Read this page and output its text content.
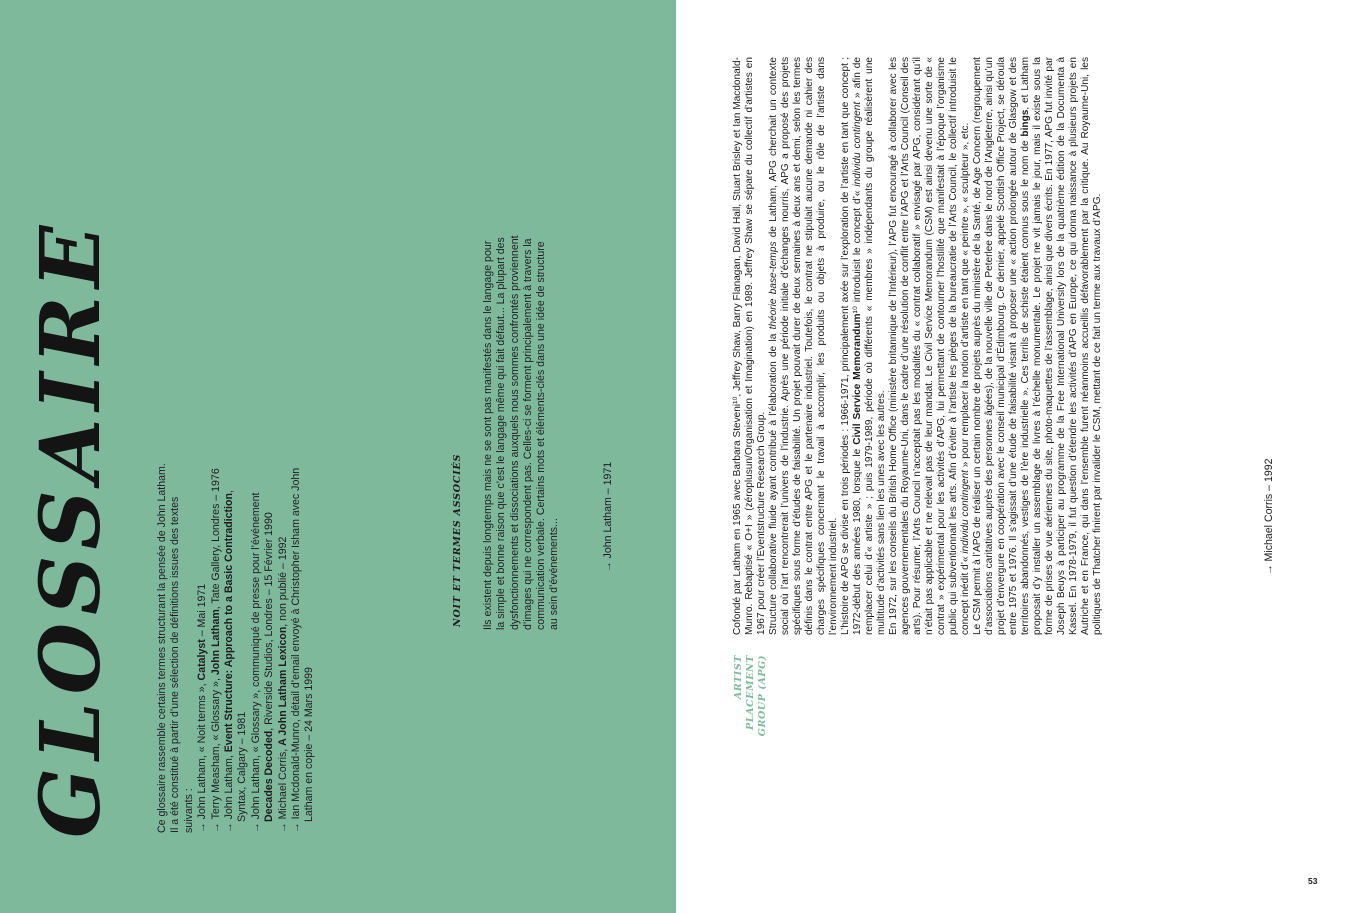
GLOSSAIRE	Ce glossaire rassemble certains termes structurant la pensée de John Latham. Il a été constitué à partir d’une sélection de définitions issues des textes suivants : →John Latham, « Noit terms », Catalyst – Mai 1971
→Terry Measham, « Glossary », John Latham, Tate Gallery, Londres – 1976
→John Latham, Event Structure: Approach to a Basic Contradiction, Syntax, Calgary – 1981
→John Latham, « Glossary », communiqué de presse pour l’événement Decades Decoded, Riverside Studios, Londres – 15 Février 1990
→Michael Corris, A John Latham Lexicon, non publié – 1992
→Ian Mcdonald-Munro, détail d’email envoyé à Christopher Isham avec John Latham en copie – 24 Mars 1999
NOIT ET TERMES ASSOCIÉS Ils existent depuis longtemps mais ne se sont pas manifestés dans le langage pour la simple et bonne raison que c’est le langage même qui fait défaut... La plupart des dysfonctionnements et dissociations auxquels nous sommes confrontés proviennent d’images qui ne correspondent pas. Celles-ci se forment principalement à travers la communication verbale. Certains mots et éléments-clés dans une idée de structure au sein d’événements...
→ John Latham – 1971
ARTIST PLACEMENT GROUP (APG)

Cofondé par Latham en 1965 avec Barbara Steveni¹⁰, Jeffrey Shaw, Barry Flanagan, David Hall, Stuart Brisley et Ian Macdonald-Munro. Rebaptisé « O+I » (zéroplusun/Organisation et Imagination) en 1989. Jeffrey Shaw se sépare du collectif d’artistes en 1967 pour créer l’Eventstructure Research Group. Structure collaborative fluide ayant contribué à l’élaboration de la théorie base-temps de Latham, APG cherchait un contexte social où l’art rencontrerait l’univers de l’industrie. Après une période initiale d’échanges nourris, APG a proposé des projets spécifiques sous forme d’études de faisabilité. Un projet pouvait durer de deux semaines à deux ans et demi, selon les termes définis dans le contrat entre APG et le partenaire industriel. Toutefois, le contrat ne stipulait aucune demande ni cahier des charges spécifiques concernant le travail à accomplir, les produits ou objets à produire, ou le rôle de l’artiste dans l’environnement industriel. L’histoire de APG se divise en trois périodes : 1966-1971, principalement axée sur l’exploration de l’artiste en tant que concept ; 1972-début des années 1980, lorsque le Civil Service Memorandum¹⁰ introduisit le concept d’« individu contingent » afin de remplacer celui d’« artiste » ; puis 1979-1989, période où différents « membres » indépendants du groupe réalisèrent une multitude d’activités sans lien les unes avec les autres. En 1972, sur les conseils du British Home Office (ministère britannique de l’Intérieur), l’APG fut encouragé à collaborer avec les agences gouvernementales du Royaume-Uni, dans le cadre d’une résolution de conflit entre l’APG et l’Arts Council (Conseil des arts). Pour résumer, l’Arts Council n’acceptait pas les modalités du « contrat collaboratif » envisagé par APG, considérant qu’il n’était pas applicable et ne relevait pas de leur mandat. Le Civil Service Memorandum (CSM) est ainsi devenu une sorte de « contrat » expérimental pour les activités d’APG, lui permettant de contourner l’hostilité que manifestait à l’époque l’organisme public qui subventionnait les arts. Afin d’éviter à l’artiste les pièges de la bureaucratie de l’Arts Council, le collectif introduisit le concept inédit d’« individu contingent » pour remplacer la notion d’artiste en tant que « peintre », « sculpteur », etc. Le CSM permit à l’APG de réaliser un certain nombre de projets auprès du ministère de la Santé, de Age Concern (regroupement d’associations caritatives auprès des personnes âgées), de la nouvelle ville de Peterlee dans le nord de l’Angleterre, ainsi qu’un projet d’envergure en coopération avec le conseil municipal d’Édimbourg. Ce dernier, appelé Scottish Office Project, se déroula entre 1975 et 1976. Il s’agissait d’une étude de faisabilité visant à proposer une « action prolongée autour de Glasgow et des territoires abandonnés, vestiges de l’ère industrielle ». Ces terrils de schiste étaient connus sous le nom de bings, et Latham proposait d’y installer un assemblage de livres à l’échelle monumentale. Le projet ne vit jamais le jour, mais il existe sous la forme de prises de vue aériennes du site, photo-maquettes de l’assemblage, ainsi que divers écrits. En 1977, APG fut invité par Joseph Beuys à participer au programme de la Free International University lors de la quatrième édition de la Documenta à Kassel. En 1978-1979, il fut question d’étendre les activités d’APG en Europe, ce qui donna naissance à plusieurs projets en Autriche et en France, qui dans l’ensemble furent néanmoins accueillis défavorablement par la critique. Au Royaume-Uni, les politiques de Thatcher finirent par invalider le CSM, mettant de ce fait un terme aux travaux d’APG.	→ Michael Corris – 1992
53
